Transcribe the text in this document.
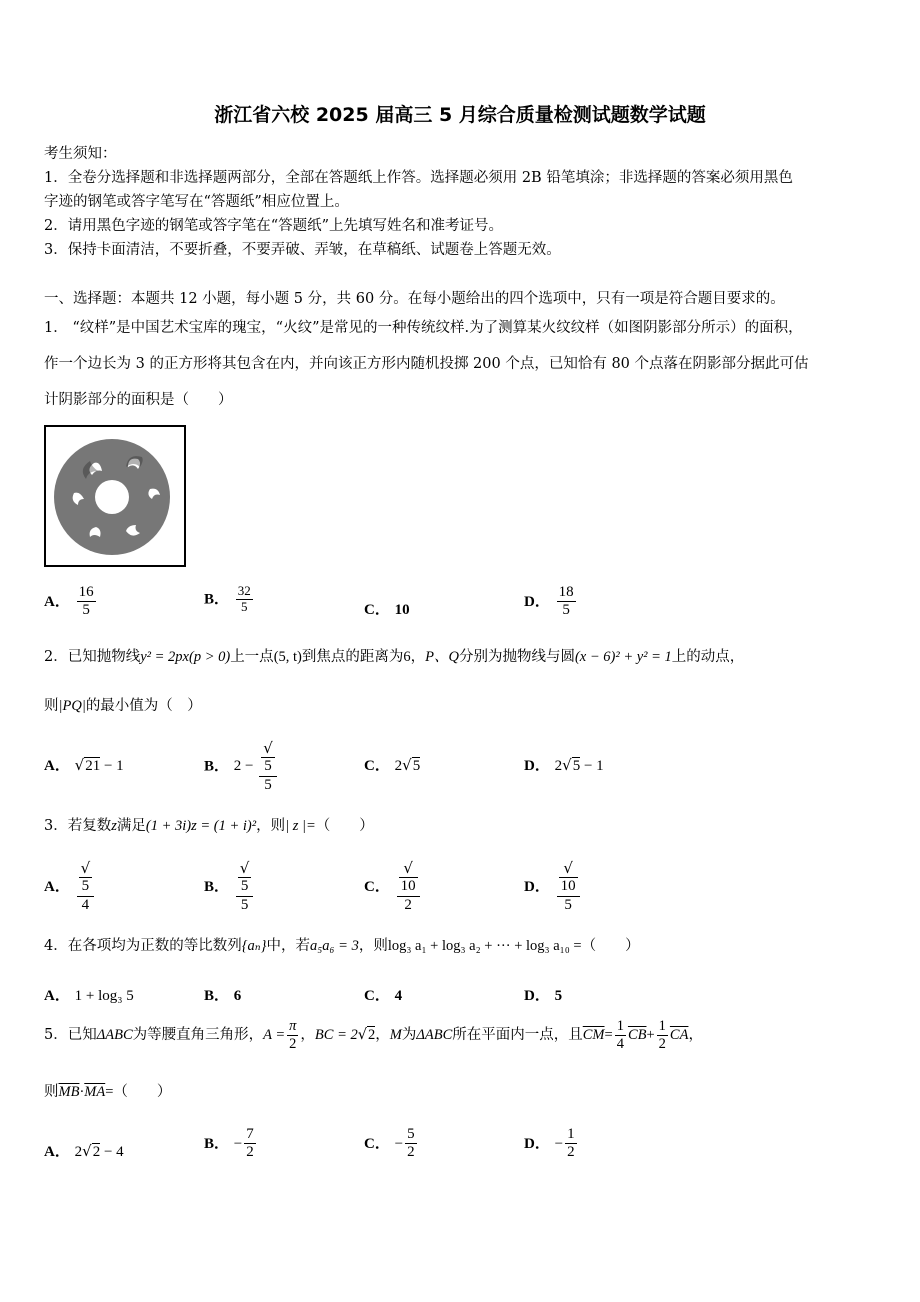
浙江省六校 2025 届高三 5 月综合质量检测试题数学试题
考生须知：
1．全卷分选择题和非选择题两部分，全部在答题纸上作答。选择题必须用 2B 铅笔填涂；非选择题的答案必须用黑色
字迹的钢笔或答字笔写在“答题纸”相应位置上。
2．请用黑色字迹的钢笔或答字笔在“答题纸”上先填写姓名和准考证号。
3．保持卡面清洁，不要折叠，不要弄破、弄皱，在草稿纸、试题卷上答题无效。
一、选择题：本题共 12 小题，每小题 5 分，共 60 分。在每小题给出的四个选项中，只有一项是符合题目要求的。
1． “纹样”是中国艺术宝库的瑰宝，“火纹”是常见的一种传统纹样.为了测算某火纹纹样（如图阴影部分所示）的面积，
作一个边长为 3 的正方形将其包含在内，并向该正方形内随机投掷 200 个点，已知恰有 80 个点落在阴影部分据此可估
计阴影部分的面积是（　　）
A． $\frac{16}{5}$	B． $\frac{32}{5}$	C． 10
D． $\frac{18}{5}$
2．已知抛物线y² = 2px(p > 0)上一点(5, t)到焦点的距离为6，P、Q分别为抛物线与圆(x − 6)² + y² = 1上的动点，
则|PQ|的最小值为（　）
A． √21 − 1	B． 2 − √
5
5	C． 2√5	D． 2√5 − 1
3．若复数z满足(1 + 3i)z = (1 + i)²，则| z |=（　　）
A． √
5
4	B． √
5
5	C． √
10
2	D． √
10
5
4．在各项均为正数的等比数列{aₙ}中，若a₅a₆ = 3，则log₃ a₁ + log₃ a₂ + ··· + log₃ a₁₀ =（　　）
A． 1 + log₃ 5	B． 6	C． 4	D． 5
5．已知ΔABC为等腰直角三角形，$A = \frac{\pi}{2}$ ，BC = 2√2，M为ΔABC所在平面内一点，且$\overline{CM}= \frac{1}{4} \overline{CB}+ \frac{1}{2} \overline{CA}$，
则$\overline{MB}\cdot\overline{MA}=$（　　）
A． 2√2 − 4
B． − $\frac{7}{2}$	C． − $\frac{5}{2}$	D． − $\frac{1}{2}$
